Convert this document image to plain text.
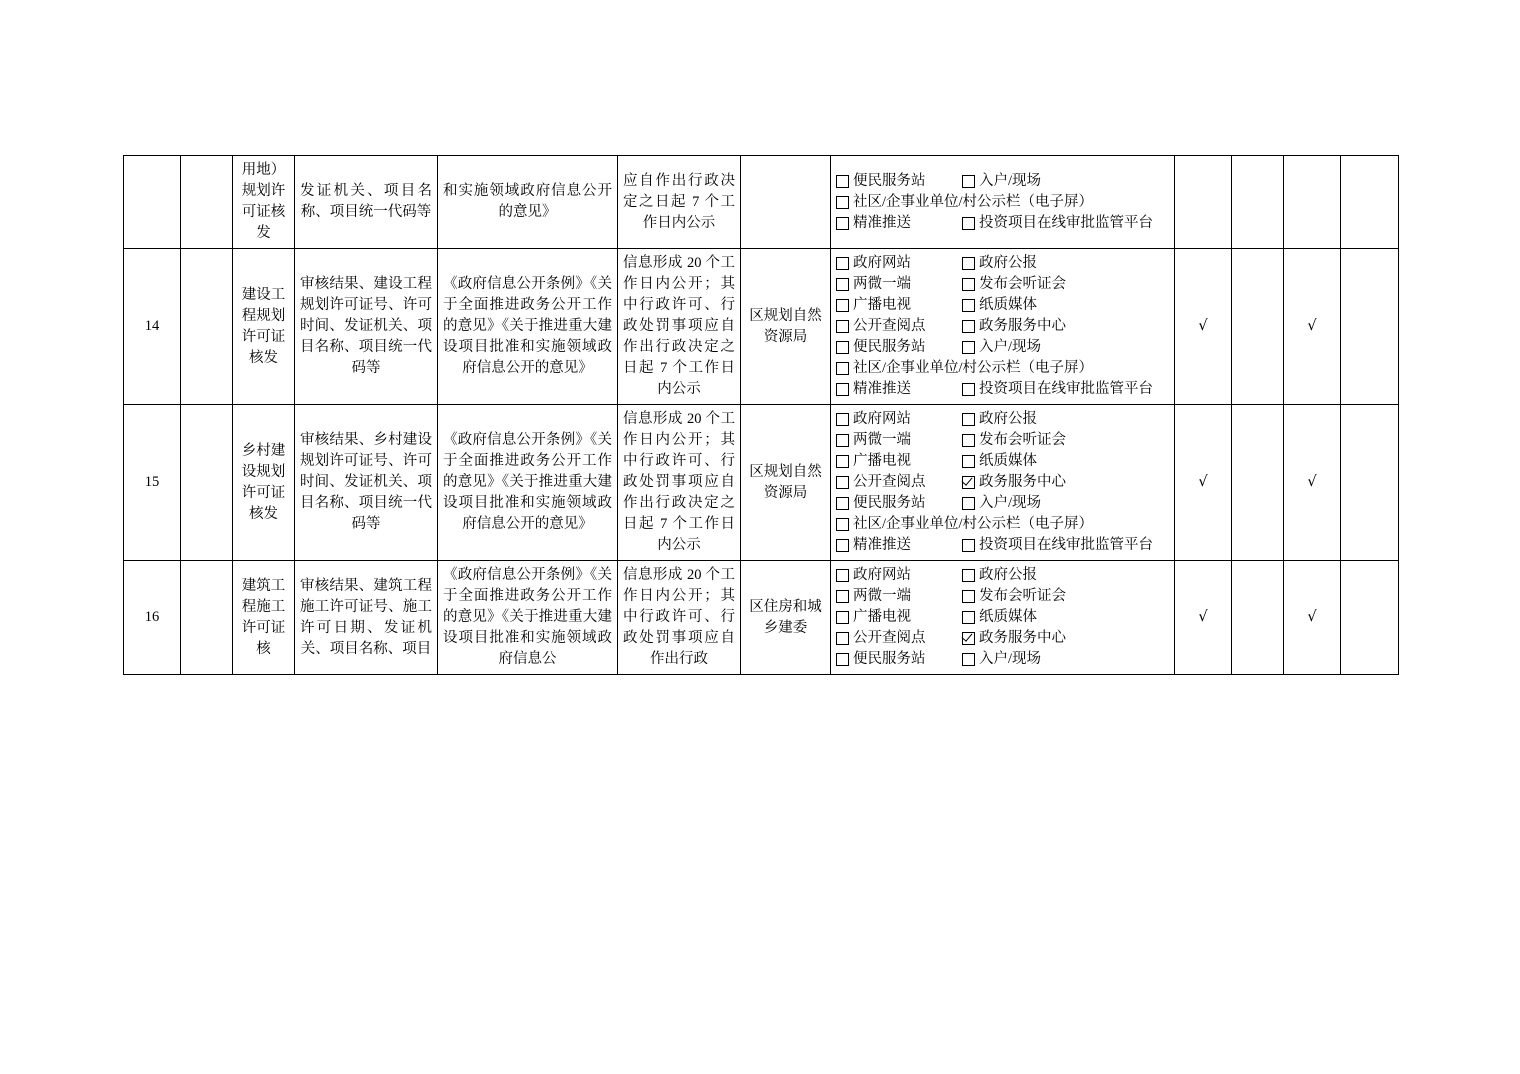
		用地）规划许可证核发	发证机关、项目名称、项目统一代码等	和实施领域政府信息公开的意见》	应自作出行政决定之日起 7 个工作日内公示		便民服务站 入户/现场
社区/企事业单位/村公示栏（电子屏）
精准推送 投资项目在线审批监管平台				

14		建设工程规划许可证核发	审核结果、建设工程规划许可证号、许可时间、发证机关、项目名称、项目统一代码等	《政府信息公开条例》《关于全面推进政务公开工作的意见》《关于推进重大建设项目批准和实施领域政府信息公开的意见》	信息形成 20 个工作日内公开；其中行政许可、行政处罚事项应自作出行政决定之日起 7 个工作日内公示	区规划自然资源局	
政府网站	政府公报
两微一端	发布会听证会
广播电视	纸质媒体
公开查阅点	政务服务中心
便民服务站	入户/现场
社区/企事业单位/村公示栏（电子屏）
精准推送	投资项目在线审批监管平台
	√		√	
15		乡村建设规划许可证核发	审核结果、乡村建设规划许可证号、许可时间、发证机关、项目名称、项目统一代码等	《政府信息公开条例》《关于全面推进政务公开工作的意见》《关于推进重大建设项目批准和实施领域政府信息公开的意见》	信息形成 20 个工作日内公开；其中行政许可、行政处罚事项应自作出行政决定之日起 7 个工作日内公示	区规划自然资源局	
政府网站	政府公报
两微一端	发布会听证会
广播电视	纸质媒体
公开查阅点	政务服务中心
便民服务站	入户/现场
社区/企事业单位/村公示栏（电子屏）
精准推送	投资项目在线审批监管平台
	√		√	
16		建筑工程施工许可证核	审核结果、建筑工程施工许可证号、施工许可日期、发证机关、项目名称、项目	《政府信息公开条例》《关于全面推进政务公开工作的意见》《关于推进重大建设项目批准和实施领域政府信息公	信息形成 20 个工作日内公开；其中行政许可、行政处罚事项应自作出行政	区住房和城乡建委	
政府网站	政府公报
两微一端	发布会听证会
广播电视	纸质媒体
公开查阅点	政务服务中心
便民服务站	入户/现场
	√		√	
